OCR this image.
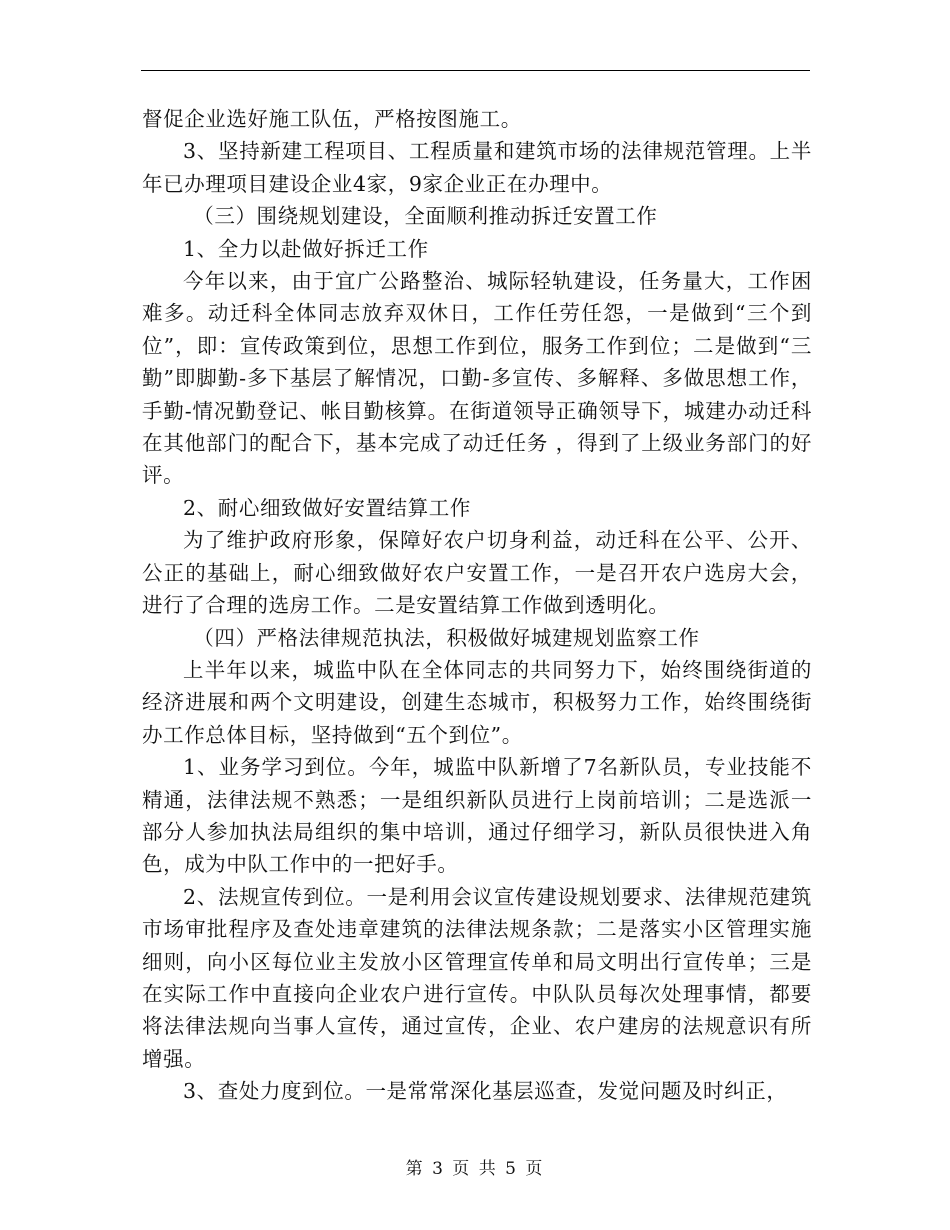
督促企业选好施工队伍，严格按图施工。

3、坚持新建工程项目、工程质量和建筑市场的法律规范管理。上半年已办理项目建设企业4家，9家企业正在办理中。

（三）围绕规划建设，全面顺利推动拆迁安置工作

1、全力以赴做好拆迁工作

今年以来，由于宜广公路整治、城际轻轨建设，任务量大，工作困难多。动迁科全体同志放弃双休日，工作任劳任怨，一是做到“三个到位”，即：宣传政策到位，思想工作到位，服务工作到位；二是做到“三勤”即脚勤-多下基层了解情况，口勤-多宣传、多解释、多做思想工作，手勤-情况勤登记、帐目勤核算。在街道领导正确领导下，城建办动迁科在其他部门的配合下，基本完成了动迁任务 ，得到了上级业务部门的好评。

2、耐心细致做好安置结算工作

为了维护政府形象，保障好农户切身利益，动迁科在公平、公开、公正的基础上，耐心细致做好农户安置工作，一是召开农户选房大会，进行了合理的选房工作。二是安置结算工作做到透明化。

（四）严格法律规范执法，积极做好城建规划监察工作

上半年以来，城监中队在全体同志的共同努力下，始终围绕街道的经济进展和两个文明建设，创建生态城市，积极努力工作，始终围绕街办工作总体目标，坚持做到“五个到位”。

1、业务学习到位。今年，城监中队新增了7名新队员，专业技能不精通，法律法规不熟悉；一是组织新队员进行上岗前培训；二是选派一部分人参加执法局组织的集中培训，通过仔细学习，新队员很快进入角色，成为中队工作中的一把好手。

2、法规宣传到位。一是利用会议宣传建设规划要求、法律规范建筑市场审批程序及查处违章建筑的法律法规条款；二是落实小区管理实施细则，向小区每位业主发放小区管理宣传单和局文明出行宣传单；三是在实际工作中直接向企业农户进行宣传。中队队员每次处理事情，都要将法律法规向当事人宣传，通过宣传，企业、农户建房的法规意识有所增强。

3、查处力度到位。一是常常深化基层巡查，发觉问题及时纠正，

第 3 页 共 5 页
